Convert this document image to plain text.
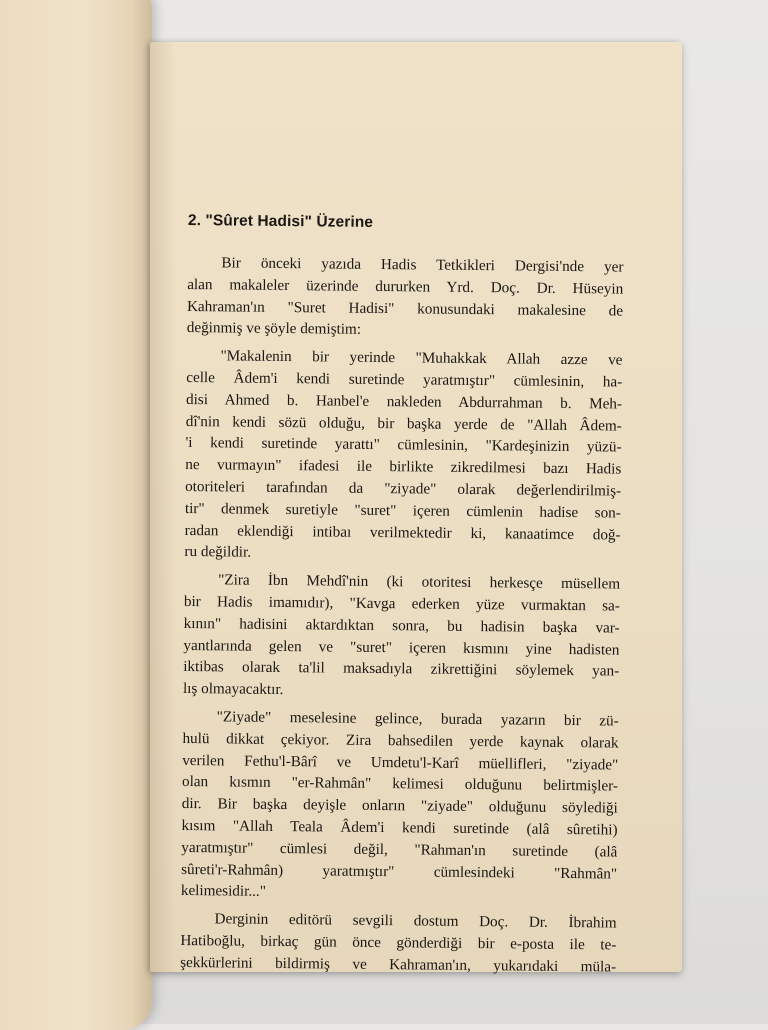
2. "Sûret Hadisi" Üzerine
Bir önceki yazıda Hadis Tetkikleri Dergisi'nde yer
alan makaleler üzerinde dururken Yrd. Doç. Dr. Hüseyin
Kahraman'ın "Suret Hadisi" konusundaki makalesine de
değinmiş ve şöyle demiştim:
"Makalenin bir yerinde "Muhakkak Allah azze ve
celle Âdem'i kendi suretinde yaratmıştır" cümlesinin, ha-
disi Ahmed b. Hanbel'e nakleden Abdurrahman b. Meh-
dî'nin kendi sözü olduğu, bir başka yerde de "Allah Âdem-
'i kendi suretinde yarattı" cümlesinin, "Kardeşinizin yüzü-
ne vurmayın" ifadesi ile birlikte zikredilmesi bazı Hadis
otoriteleri tarafından da "ziyade" olarak değerlendirilmiş-
tir" denmek suretiyle "suret" içeren cümlenin hadise son-
radan eklendiği intibaı verilmektedir ki, kanaatimce doğ-
ru değildir.
"Zira İbn Mehdî'nin (ki otoritesi herkesçe müsellem
bir Hadis imamıdır), "Kavga ederken yüze vurmaktan sa-
kının" hadisini aktardıktan sonra, bu hadisin başka var-
yantlarında gelen ve "suret" içeren kısmını yine hadisten
iktibas olarak ta'lil maksadıyla zikrettiğini söylemek yan-
lış olmayacaktır.
"Ziyade" meselesine gelince, burada yazarın bir zü-
hulü dikkat çekiyor. Zira bahsedilen yerde kaynak olarak
verilen Fethu'l-Bârî ve Umdetu'l-Karî müellifleri, "ziyade"
olan kısmın "er-Rahmân" kelimesi olduğunu belirtmişler-
dir. Bir başka deyişle onların "ziyade" olduğunu söylediği
kısım "Allah Teala Âdem'i kendi suretinde (alâ sûretihi)
yaratmıştır" cümlesi değil, "Rahman'ın suretinde (alâ
sûreti'r-Rahmân) yaratmıştır" cümlesindeki "Rahmân"
kelimesidir..."
Derginin editörü sevgili dostum Doç. Dr. İbrahim
Hatiboğlu, birkaç gün önce gönderdiği bir e-posta ile te-
şekkürlerini bildirmiş ve Kahraman'ın, yukarıdaki müla-
